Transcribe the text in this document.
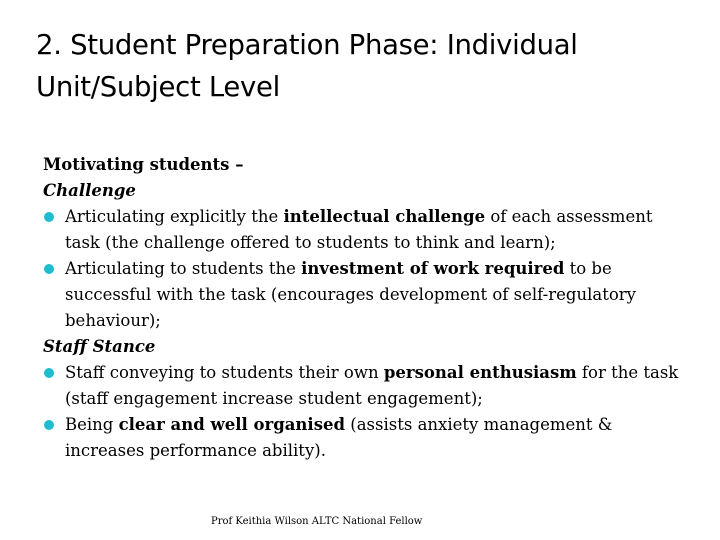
2. Student Preparation Phase: Individual
Unit/Subject Level
Motivating students –
Challenge
Articulating explicitly the intellectual challenge of each assessment task (the challenge offered to students to think and learn);
Articulating to students the investment of work required to be successful with the task (encourages development of self-regulatory behaviour);
Staff Stance
Staff conveying to students their own personal enthusiasm for the task (staff engagement increase student engagement);
Being clear and well organised (assists anxiety management & increases performance ability).
Prof Keithia Wilson ALTC National Fellow
